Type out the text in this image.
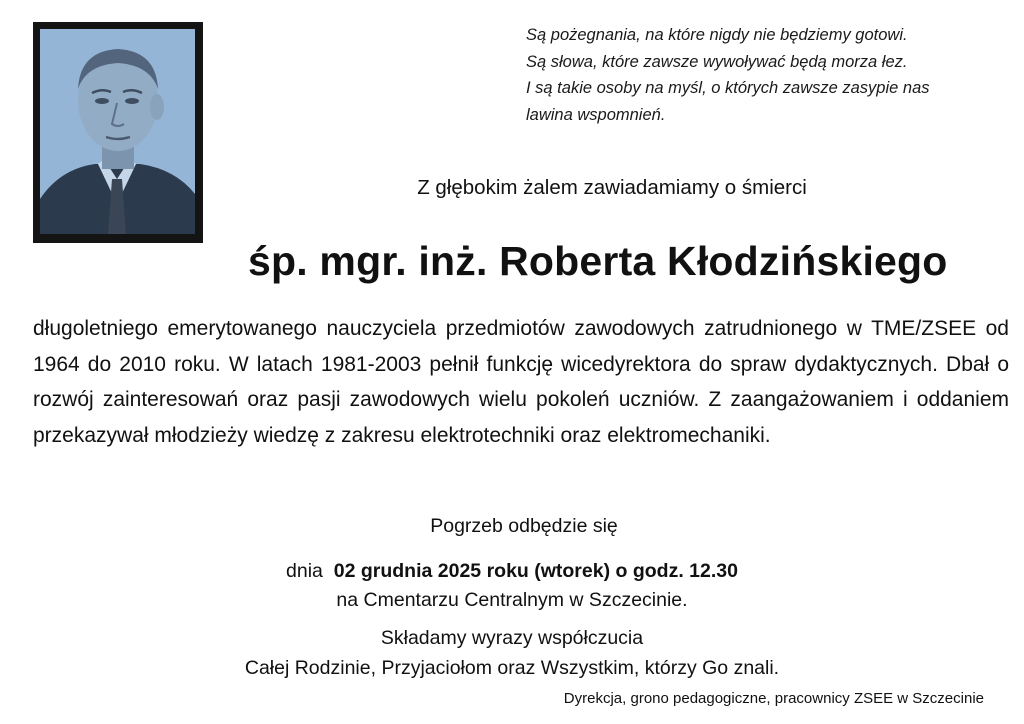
Są pożegnania, na które nigdy nie będziemy gotowi.
Są słowa, które zawsze wywoływać będą morza łez.
I są takie osoby na myśl, o których zawsze zasypie nas
lawina wspomnień.
Z głębokim żalem zawiadamiamy o śmierci
śp. mgr. inż. Roberta Kłodzińskiego
długoletniego emerytowanego nauczyciela przedmiotów zawodowych zatrudnionego w TME/ZSEE od 1964 do 2010 roku. W latach 1981-2003 pełnił funkcję wicedyrektora do spraw dydaktycznych. Dbał o rozwój zainteresowań oraz pasji zawodowych wielu pokoleń uczniów. Z zaangażowaniem i oddaniem przekazywał młodzieży wiedzę z zakresu elektrotechniki oraz elektromechaniki.
Pogrzeb odbędzie się
dnia 02 grudnia 2025 roku (wtorek) o godz. 12.30
na Cmentarzu Centralnym w Szczecinie.
Składamy wyrazy współczucia
Całej Rodzinie, Przyjaciołom oraz Wszystkim, którzy Go znali.
Dyrekcja, grono pedagogiczne, pracownicy ZSEE w Szczecinie
